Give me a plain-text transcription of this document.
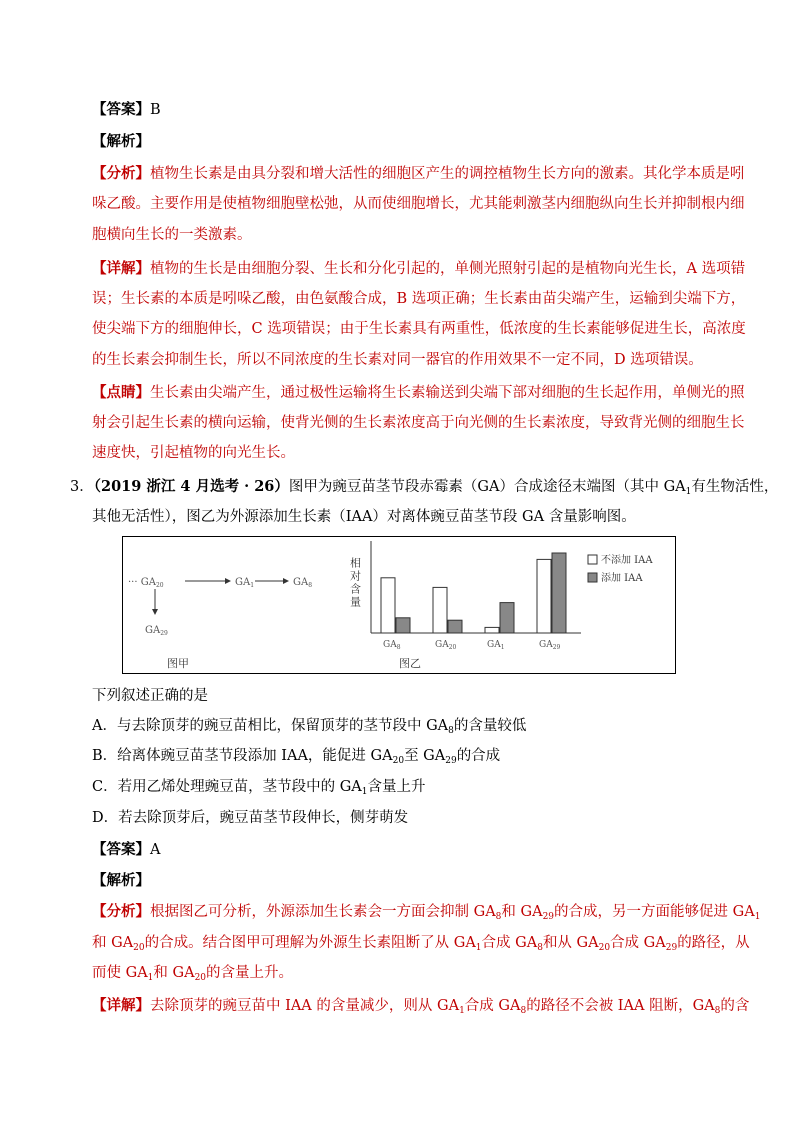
【答案】B
【解析】
【分析】植物生长素是由具分裂和增大活性的细胞区产生的调控植物生长方向的激素。其化学本质是吲
哚乙酸。主要作用是使植物细胞壁松弛，从而使细胞增长，尤其能刺激茎内细胞纵向生长并抑制根内细
胞横向生长的一类激素。
【详解】植物的生长是由细胞分裂、生长和分化引起的，单侧光照射引起的是植物向光生长，A 选项错
误；生长素的本质是吲哚乙酸，由色氨酸合成，B 选项正确；生长素由苗尖端产生，运输到尖端下方，
使尖端下方的细胞伸长，C 选项错误；由于生长素具有两重性，低浓度的生长素能够促进生长，高浓度
的生长素会抑制生长，所以不同浓度的生长素对同一器官的作用效果不一定不同，D 选项错误。
【点睛】生长素由尖端产生，通过极性运输将生长素输送到尖端下部对细胞的生长起作用，单侧光的照
射会引起生长素的横向运输，使背光侧的生长素浓度高于向光侧的生长素浓度，导致背光侧的细胞生长
速度快，引起植物的向光生长。
3．（2019 浙江 4 月选考 · 26）图甲为豌豆苗茎节段赤霉素（GA）合成途径末端图（其中 $GA_1$有生物活性，
其他无活性），图乙为外源添加生长素（IAA）对离体豌豆苗茎节段 GA 含量影响图。
··· $GA_{20}$	$GA_1$	$GA_8$
$GA_{29}$
图甲	图乙
相对含量
$GA_8$	$GA_{20}$	$GA_1$	$GA_{29}$
不添加 IAA
添加 IAA
下列叙述正确的是
A．与去除顶芽的豌豆苗相比，保留顶芽的茎节段中 $GA_8$的含量较低
B．给离体豌豆苗茎节段添加 IAA，能促进 $GA_{20}$至 $GA_{29}$的合成
C．若用乙烯处理豌豆苗，茎节段中的 $GA_1$含量上升
D．若去除顶芽后，豌豆苗茎节段伸长，侧芽萌发
【答案】A
【解析】
【分析】根据图乙可分析，外源添加生长素会一方面会抑制 $GA_8$和 $GA_{29}$的合成，另一方面能够促进 $GA_1$
和 $GA_{20}$的合成。结合图甲可理解为外源生长素阻断了从 $GA_1$合成 $GA_8$和从 $GA_{20}$合成 $GA_{29}$的路径，从
而使 $GA_1$和 $GA_{20}$的含量上升。
【详解】去除顶芽的豌豆苗中 IAA 的含量减少，则从 $GA_1$合成 $GA_8$的路径不会被 IAA 阻断，$GA_8$的含
